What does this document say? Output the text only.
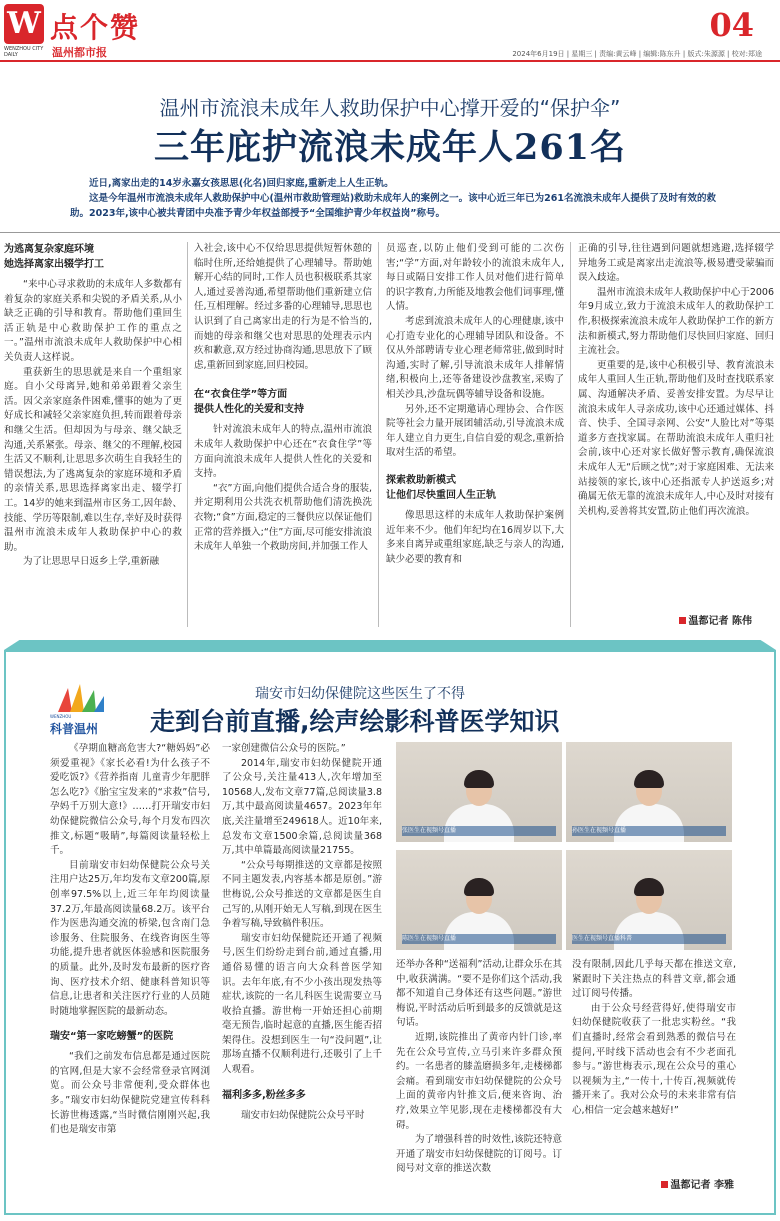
W
WENZHOU CITY DAILY
点个赞
温州都市报
04
2024年6月19日 | 星期三 | 责编:黄云峰 | 编辑:陈东升 | 版式:朱源源 | 校对:郑途
温州市流浪未成年人救助保护中心撑开爱的“保护伞”
三年庇护流浪未成年人261名

近日,离家出走的14岁永嘉女孩思思(化名)回归家庭,重新走上人生正轨。

这是今年温州市流浪未成年人救助保护中心(温州市救助管理站)救助未成年人的案例之一。该中心近三年已为261名流浪未成年人提供了及时有效的救助。2023年,该中心被共青团中央准予青少年权益部授予“全国维护青少年权益岗”称号。

为逃离复杂家庭环境
她选择离家出辍学打工

“来中心寻求救助的未成年人多数都有着复杂的家庭关系和尖锐的矛盾关系,从小缺乏正确的引导和教育。帮助他们重回生活正轨是中心救助保护工作的重点之一。”温州市流浪未成年人救助保护中心相关负责人这样说。

重获新生的思思就是来自一个重组家庭。自小父母离异,她和弟弟跟着父亲生活。因父亲家庭条件困难,懂事的她为了更好成长和减轻父亲家庭负担,转而跟着母亲和继父生活。但却因为与母亲、继父缺乏沟通,关系紧张。母亲、继父的不理解,校园生活又不顺利,让思思多次萌生自我轻生的错误想法,为了逃离复杂的家庭环境和矛盾的亲情关系,思思选择离家出走、辍学打工。14岁的她来到温州市区务工,因年龄、技能、学历等限制,难以生存,幸好及时获得温州市流浪未成年人救助保护中心的救助。

为了让思思早日返乡上学,重新融

入社会,该中心不仅给思思提供短暂休憩的临时住所,还给她提供了心理辅导。帮助她解开心结的同时,工作人员也积极联系其家人,通过妥善沟通,希望帮助他们重新建立信任,互相理解。经过多番的心理辅导,思思也认识到了自己离家出走的行为是不恰当的,而她的母亲和继父也对思思的处理表示内疚和歉意,双方经过协商沟通,思思放下了顾虑,重新回到家庭,回归校园。

在“衣食住学”等方面
提供人性化的关爱和支持

针对流浪未成年人的特点,温州市流浪未成年人救助保护中心还在“衣食住学”等方面向流浪未成年人提供人性化的关爱和支持。

“衣”方面,向他们提供合适合身的服装,并定期利用公共洗衣机帮助他们清洗换洗衣物;“食”方面,稳定的三餐供应以保证他们正常的营养摄入;“住”方面,尽可能安排流浪未成年人单独一个救助房间,并加强工作人

员巡查,以防止他们受到可能的二次伤害;“学”方面,对年龄较小的流浪未成年人,每日或隔日安排工作人员对他们进行简单的识字教育,力所能及地教会他们词事理,懂人情。

考虑到流浪未成年人的心理健康,该中心打造专业化的心理辅导团队和设备。不仅从外部聘请专业心理老师常驻,做到时时沟通,实时了解,引导流浪未成年人排解情绪,积极向上,还等备建设沙盘教室,采购了相关沙具,沙盘玩偶等辅导设备和设施。

另外,还不定期邀请心理协会、合作医院等社会力量开展团辅活动,引导流浪未成年人建立自力更生,自信自爱的观念,重新拾取对生活的希望。

探索救助新模式
让他们尽快重回人生正轨

像思思这样的未成年人救助保护案例近年来不少。他们年纪均在16周岁以下,大多来自离异或重组家庭,缺乏与亲人的沟通,缺少必要的教育和

正确的引导,往往遇到问题就想逃避,选择辍学异地务工或是离家出走流浪等,极易遭受蒙骗而误入歧途。

温州市流浪未成年人救助保护中心于2006年9月成立,致力于流浪未成年人的救助保护工作,积极探索流浪未成年人救助保护工作的新方法和新模式,努力帮助他们尽快回归家庭、回归主流社会。

更重要的是,该中心积极引导、教育流浪未成年人重回人生正轨,帮助他们及时查找联系家属、沟通解决矛盾、妥善安排安置。为尽早让流浪未成年人寻亲成功,该中心还通过媒体、抖音、快手、全国寻亲网、公安“人脸比对”等渠道多方查找家属。在帮助流浪未成年人重归社会前,该中心还对家长做好警示教育,确保流浪未成年人无“后顾之忧”;对于家庭困难、无法来站接领的家长,该中心还指派专人护送返乡;对确属无依无靠的流浪未成年人,中心及时对接有关机构,妥善将其安置,防止他们再次流浪。

温都记者 陈伟
WENZHOU
科普温州
瑞安市妇幼保健院这些医生了不得
走到台前直播,绘声绘影科普医学知识

《孕期血糖高危害大?“糖妈妈”必须爱重视》《家长必看!为什么孩子不爱吃饭?》《营养指南 儿童青少年肥胖怎么吃?》《胎宝宝发来的“求救”信号,孕妈千万别大意!》……打开瑞安市妇幼保健院微信公众号,每个月发布四次推文,标题“吸睛”,每篇阅读量轻松上千。

目前瑞安市妇幼保健院公众号关注用户达25万,年均发布文章200篇,原创率97.5%以上,近三年年均阅读量37.2万,年最高阅读量68.2万。该平台作为医患沟通交流的桥梁,包含南门急诊服务、住院服务、在线咨询医生等功能,提升患者就医体验感和医院服务的质量。此外,及时发布最新的医疗咨询、医疗技术介绍、健康科普知识等信息,让患者和关注医疗行业的人员随时随地掌握医院的最新动态。

瑞安“第一家吃螃蟹”的医院

“我们之前发布信息都是通过医院的官网,但是大家不会经常登录官网浏览。而公众号非常便利,受众群体也多。”瑞安市妇幼保健院党建宣传科科长游世梅透露,“当时微信刚刚兴起,我们也是瑞安市第

一家创建微信公众号的医院。”

2014年,瑞安市妇幼保健院开通了公众号,关注量413人,次年增加至10568人,发布文章77篇,总阅读量3.8万,其中最高阅读量4657。2023年年底,关注量增至249618人。近10年来,总发布文章1500余篇,总阅读量368万,其中单篇最高阅读量21755。

“公众号每期推送的文章都是按照不同主题发表,内容基本都是原创。”游世梅说,公众号推送的文章都是医生自己写的,从刚开始无人写稿,到现在医生争着写稿,导致稿件积压。

瑞安市妇幼保健院还开通了视频号,医生们纷纷走到台前,通过直播,用通俗易懂的语言向大众科普医学知识。去年年底,有不少小孩出现发热等症状,该院的一名儿科医生说需要立马收拾直播。游世梅一开始还担心前期毫无预告,临时起意的直播,医生能否招架得住。没想到医生一句“没问题”,让那场直播不仅顺利进行,还吸引了上千人观看。

福利多多,粉丝多多

瑞安市妇幼保健院公众号平时

张医生在视频号直播	孙医生在视频号直播
陈医生在视频号直播	医生在视频号直播科普

还举办各种“送福利”活动,让群众乐在其中,收获满满。“要不是你们这个活动,我都不知道自己身体还有这些问题。”游世梅说,平时活动后听到最多的反馈就是这句话。

近期,该院推出了黄帝内针门诊,率先在公众号宣传,立马引来许多群众预约。一名患者的膝盖磨损多年,走楼梯都会痛。看到瑞安市妇幼保健院的公众号上面的黄帝内针推文后,便来咨询、治疗,效果立竿见影,现在走楼梯都没有大碍。

为了增强科普的时效性,该院还特意开通了瑞安市妇幼保健院的订阅号。订阅号对文章的推送次数

没有限制,因此几乎每天都在推送文章,紧跟时下关注热点的科普文章,都会通过订阅号传播。

由于公众号经营得好,使得瑞安市妇幼保健院收获了一批忠实粉丝。“我们直播时,经常会看到熟悉的微信号在提问,平时线下活动也会有不少老面孔参与。”游世梅表示,现在公众号的重心以视频为主,“一传十,十传百,视频就传播开来了。我对公众号的未来非常有信心,相信一定会越来越好!”

温都记者 李雅
